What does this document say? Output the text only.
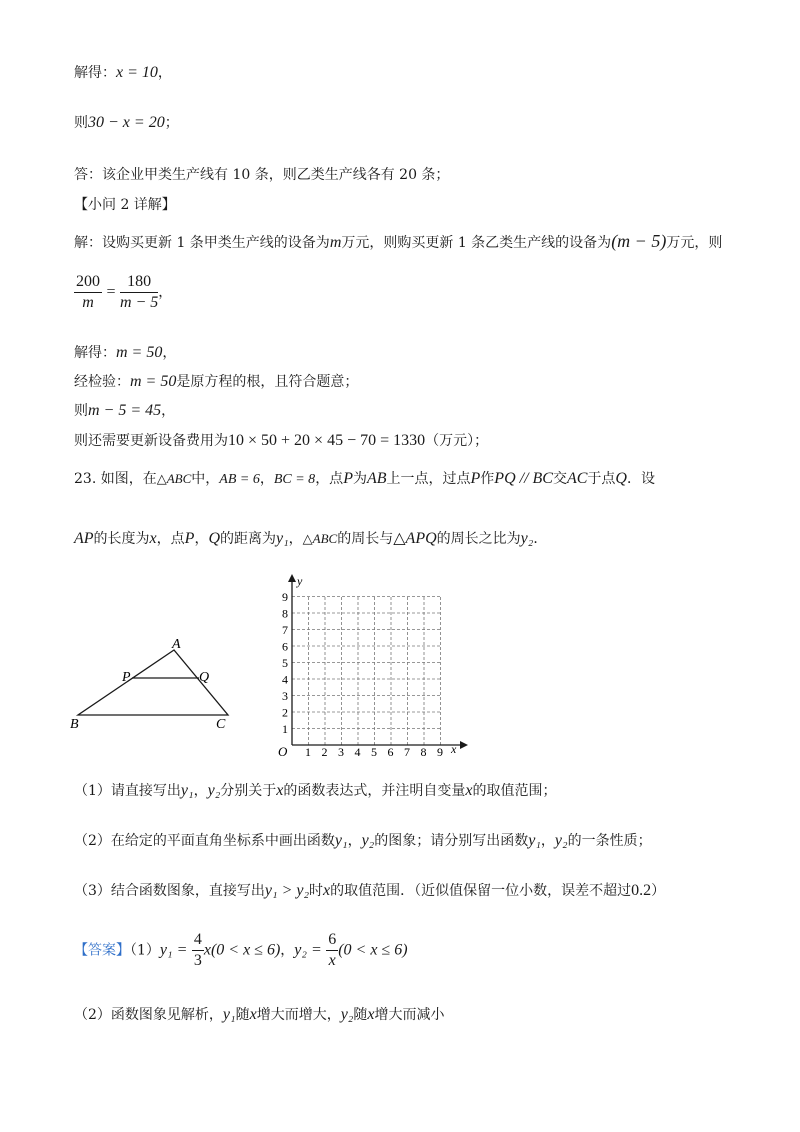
解得：x = 10，
则30 − x = 20；
答：该企业甲类生产线有 10 条，则乙类生产线各有 20 条；
【小问 2 详解】
解：设购买更新 1 条甲类生产线的设备为m万元，则购买更新 1 条乙类生产线的设备为(m − 5)万元，则
$\frac{200}{m} = \frac{180}{m - 5}$ ，
解得：m = 50，
经检验：m = 50是原方程的根，且符合题意；
则m − 5 = 45，
则还需要更新设备费用为10 × 50 + 20 × 45 − 70 = 1330（万元）；
23. 如图，在△ABC中，AB = 6，BC = 8，点P为AB上一点，过点P作PQ // BC交AC于点Q．设
AP的长度为x，点P，Q的距离为y₁，△ABC的周长与△APQ的周长之比为y₂．
A
B	C
P	Q
1 2 3 4 5 6 7 8 9
1
2
3
4
5
6
7
8
9
O	x
y
（1）请直接写出y₁，y₂分别关于x的函数表达式，并注明自变量x的取值范围；
（2）在给定的平面直角坐标系中画出函数y₁，y₂的图象；请分别写出函数y₁，y₂的一条性质；
（3）结合函数图象，直接写出y₁ > y₂时x的取值范围．（近似值保留一位小数，误差不超过0.2）
【答案】$(1)y_1 = \frac{4}{3} x(0 < x \le 6)$，$y_2 = \frac{6}{x} (0 < x \le 6)$
（2）函数图象见解析，y₁随x增大而增大，y₂随x增大而减小
